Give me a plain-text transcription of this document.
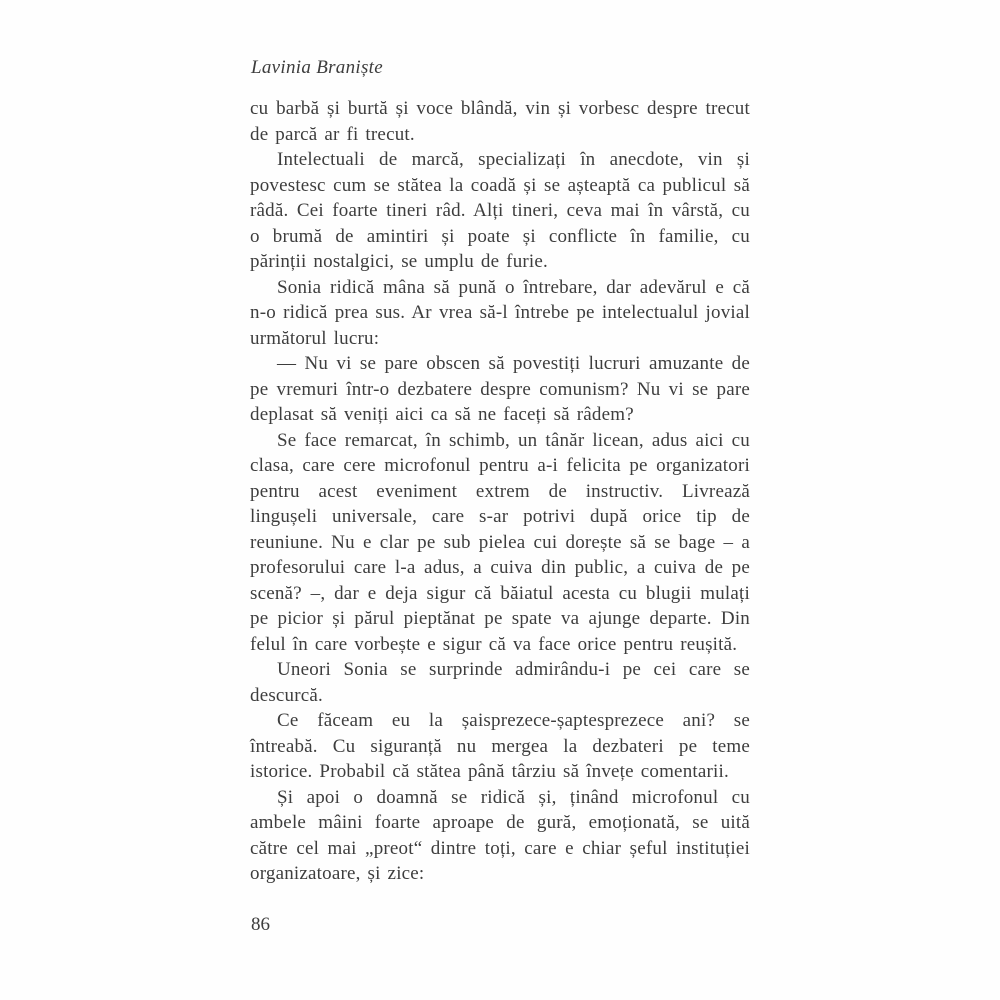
Lavinia Braniște

cu barbă și burtă și voce blândă, vin și vorbesc despre trecut de parcă ar fi trecut.

Intelectuali de marcă, specializați în anecdote, vin și povestesc cum se stătea la coadă și se așteaptă ca publicul să râdă. Cei foarte tineri râd. Alți tineri, ceva mai în vârstă, cu o brumă de amintiri și poate și conflicte în familie, cu părinții nostalgici, se umplu de furie.

Sonia ridică mâna să pună o întrebare, dar adevărul e că n-o ridică prea sus. Ar vrea să-l întrebe pe intelectualul jovial următorul lucru:

— Nu vi se pare obscen să povestiți lucruri amuzante de pe vremuri într-o dezbatere despre comunism? Nu vi se pare deplasat să veniți aici ca să ne faceți să râdem?

Se face remarcat, în schimb, un tânăr licean, adus aici cu clasa, care cere microfonul pentru a-i felicita pe organizatori pentru acest eveniment extrem de instructiv. Livrează lingușeli universale, care s-ar potrivi după orice tip de reuniune. Nu e clar pe sub pielea cui dorește să se bage – a profesorului care l-a adus, a cuiva din public, a cuiva de pe scenă? –, dar e deja sigur că băiatul acesta cu blugii mulați pe picior și părul pieptănat pe spate va ajunge departe. Din felul în care vorbește e sigur că va face orice pentru reușită.

Uneori Sonia se surprinde admirându-i pe cei care se descurcă.

Ce făceam eu la șaisprezece-șaptesprezece ani? se întreabă. Cu siguranță nu mergea la dezbateri pe teme istorice. Probabil că stătea până târziu să învețe comentarii.

Și apoi o doamnă se ridică și, ținând microfonul cu ambele mâini foarte aproape de gură, emoționată, se uită către cel mai „preot“ dintre toți, care e chiar șeful instituției organizatoare, și zice:

86
